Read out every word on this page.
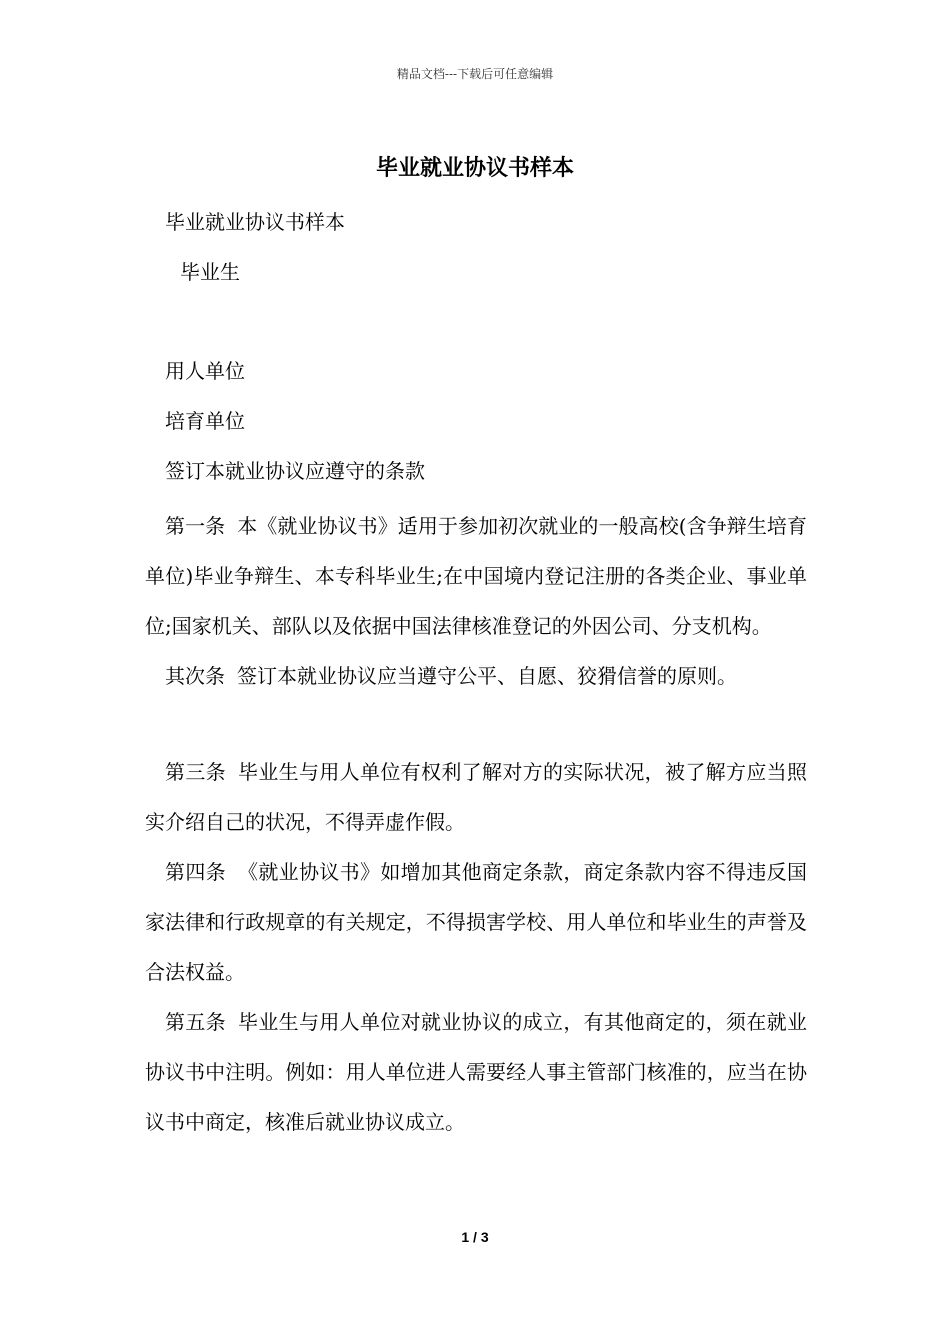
精品文档---下载后可任意编辑
毕业就业协议书样本
毕业就业协议书样本
毕业生
用人单位
培育单位
签订本就业协议应遵守的条款

第一条 本《就业协议书》适用于参加初次就业的一般高校(含争辩生培育单位)毕业争辩生、本专科毕业生;在中国境内登记注册的各类企业、事业单位;国家机关、部队以及依据中国法律核准登记的外因公司、分支机构。

其次条 签订本就业协议应当遵守公平、自愿、狡猾信誉的原则。

第三条 毕业生与用人单位有权利了解对方的实际状况，被了解方应当照实介绍自己的状况，不得弄虚作假。

第四条 《就业协议书》如增加其他商定条款，商定条款内容不得违反国家法律和行政规章的有关规定，不得损害学校、用人单位和毕业生的声誉及合法权益。

第五条 毕业生与用人单位对就业协议的成立，有其他商定的，须在就业协议书中注明。例如：用人单位进人需要经人事主管部门核准的，应当在协议书中商定，核准后就业协议成立。

1 / 3
